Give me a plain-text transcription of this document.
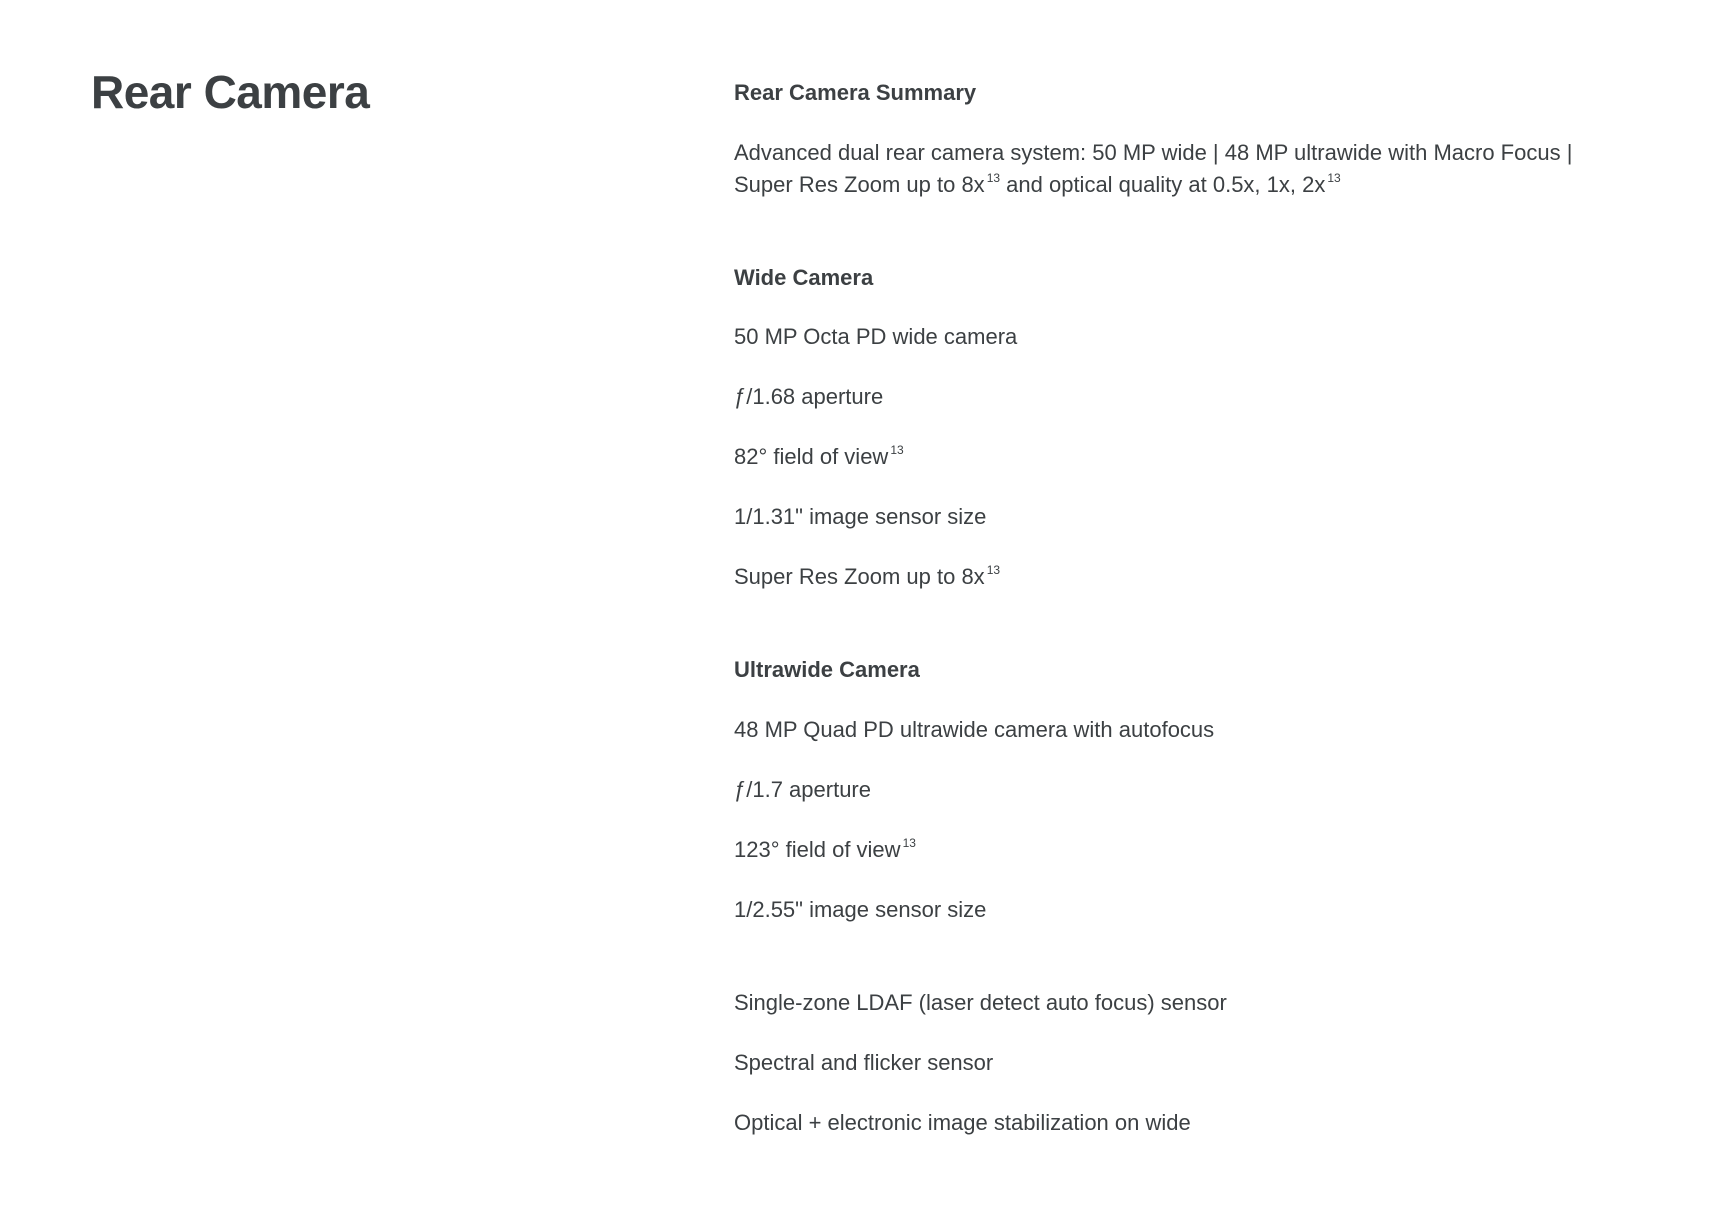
Rear Camera	Rear Camera Summary

Advanced dual rear camera system: 50 MP wide | 48 MP ultrawide with Macro Focus |

Super Res Zoom up to 8x $^{13}$ and optical quality at 0.5x, 1x, 2x $^{13}$

Wide Camera

50 MP Octa PD wide camera

ƒ/1.68 aperture

82° field of view $^{13}$

1/1.31" image sensor size

Super Res Zoom up to 8x $^{13}$

Ultrawide Camera

48 MP Quad PD ultrawide camera with autofocus

ƒ/1.7 aperture

123° field of view $^{13}$

1/2.55" image sensor size

Single-zone LDAF (laser detect auto focus) sensor

Spectral and flicker sensor

Optical + electronic image stabilization on wide
